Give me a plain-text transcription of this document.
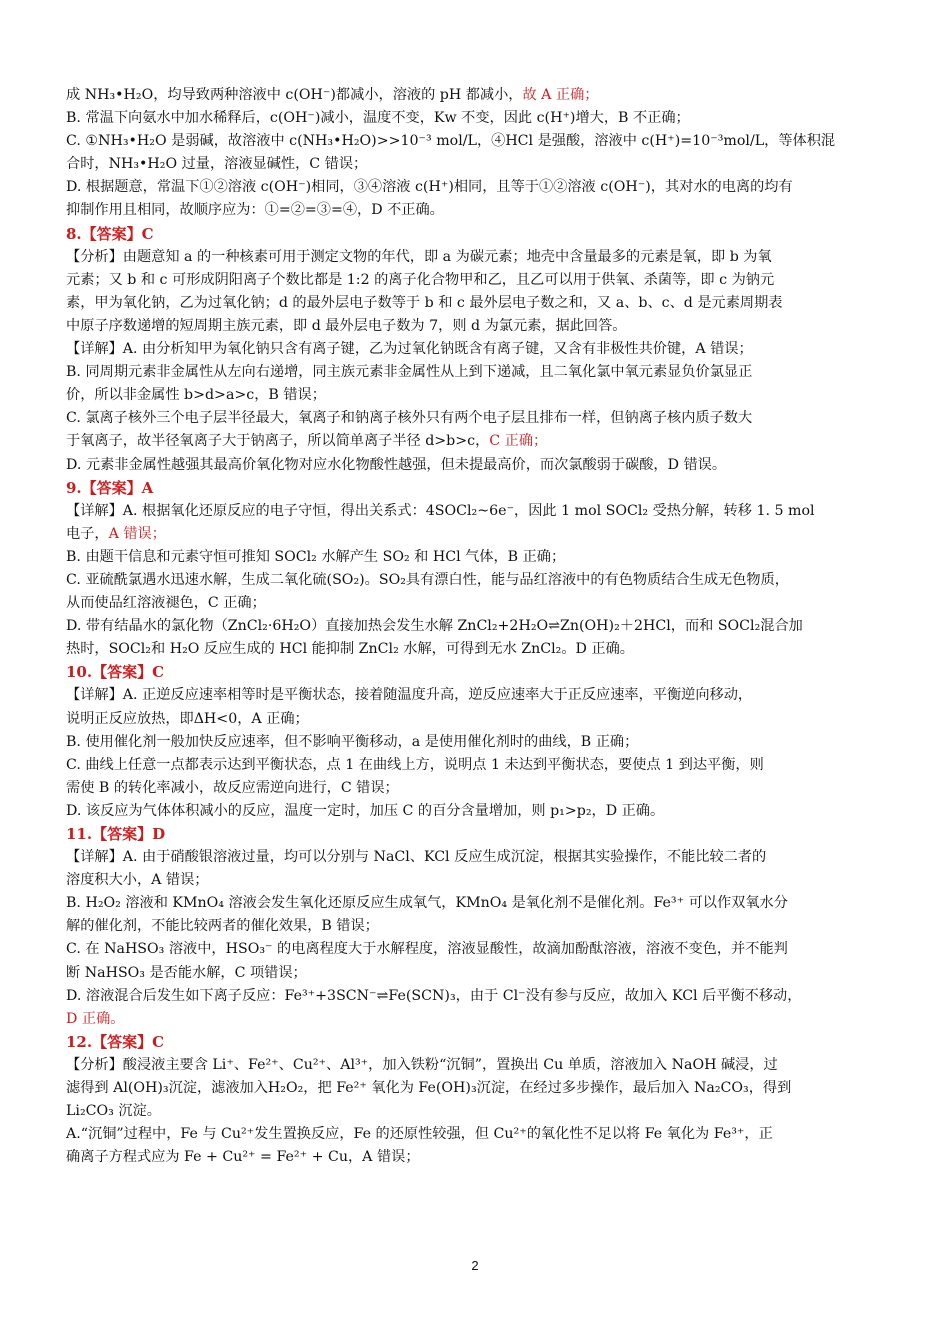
成 NH₃•H₂O，均导致两种溶液中 c(OH⁻)都减小，溶液的 pH 都减小，故 A 正确；
B. 常温下向氨水中加水稀释后，c(OH⁻)减小，温度不变，Kw 不变，因此 c(H⁺)增大，B 不正确；
C. ①NH₃•H₂O 是弱碱，故溶液中 c(NH₃•H₂O)>>10⁻³ mol/L，④HCl 是强酸，溶液中 c(H⁺)=10⁻³mol/L，等体积混
合时，NH₃•H₂O 过量，溶液显碱性，C 错误；
D. 根据题意，常温下①②溶液 c(OH⁻)相同，③④溶液 c(H⁺)相同，且等于①②溶液 c(OH⁻)，其对水的电离的均有
抑制作用且相同，故顺序应为：①=②=③=④，D 不正确。
8.【答案】C
【分析】由题意知 a 的一种核素可用于测定文物的年代，即 a 为碳元素；地壳中含量最多的元素是氧，即 b 为氧
元素；又 b 和 c 可形成阴阳离子个数比都是 1:2 的离子化合物甲和乙，且乙可以用于供氧、杀菌等，即 c 为钠元
素，甲为氧化钠，乙为过氧化钠；d 的最外层电子数等于 b 和 c 最外层电子数之和，又 a、b、c、d 是元素周期表
中原子序数递增的短周期主族元素，即 d 最外层电子数为 7，则 d 为氯元素，据此回答。
【详解】A. 由分析知甲为氧化钠只含有离子键，乙为过氧化钠既含有离子键，又含有非极性共价键，A 错误；
B. 同周期元素非金属性从左向右递增，同主族元素非金属性从上到下递减，且二氧化氯中氧元素显负价氯显正
价，所以非金属性 b>d>a>c，B 错误；
C. 氯离子核外三个电子层半径最大，氧离子和钠离子核外只有两个电子层且排布一样，但钠离子核内质子数大
于氧离子，故半径氧离子大于钠离子，所以简单离子半径 d>b>c，C 正确；
D. 元素非金属性越强其最高价氧化物对应水化物酸性越强，但未提最高价，而次氯酸弱于碳酸，D 错误。
9.【答案】A
【详解】A. 根据氧化还原反应的电子守恒，得出关系式：4SOCl₂~6e⁻，因此 1 mol SOCl₂ 受热分解，转移 1. 5 mol
电子，A 错误；
B. 由题干信息和元素守恒可推知 SOCl₂ 水解产生 SO₂ 和 HCl 气体，B 正确；
C. 亚硫酰氯遇水迅速水解，生成二氧化硫(SO₂)。SO₂具有漂白性，能与品红溶液中的有色物质结合生成无色物质，
从而使品红溶液褪色，C 正确；
D. 带有结晶水的氯化物（ZnCl₂·6H₂O）直接加热会发生水解 ZnCl₂+2H₂O⇌Zn(OH)₂＋2HCl，而和 SOCl₂混合加
热时，SOCl₂和 H₂O 反应生成的 HCl 能抑制 ZnCl₂ 水解，可得到无水 ZnCl₂。D 正确。
10.【答案】C
【详解】A. 正逆反应速率相等时是平衡状态，接着随温度升高，逆反应速率大于正反应速率，平衡逆向移动，
说明正反应放热，即ΔH<0，A 正确；
B. 使用催化剂一般加快反应速率，但不影响平衡移动，a 是使用催化剂时的曲线，B 正确；
C. 曲线上任意一点都表示达到平衡状态，点 1 在曲线上方，说明点 1 未达到平衡状态，要使点 1 到达平衡，则
需使 B 的转化率减小，故反应需逆向进行，C 错误；
D. 该反应为气体体积减小的反应，温度一定时，加压 C 的百分含量增加，则 p₁>p₂，D 正确。
11.【答案】D
【详解】A. 由于硝酸银溶液过量，均可以分别与 NaCl、KCl 反应生成沉淀，根据其实验操作，不能比较二者的
溶度积大小，A 错误；
B. H₂O₂ 溶液和 KMnO₄ 溶液会发生氧化还原反应生成氧气，KMnO₄ 是氧化剂不是催化剂。Fe³⁺ 可以作双氧水分
解的催化剂，不能比较两者的催化效果，B 错误；
C. 在 NaHSO₃ 溶液中，HSO₃⁻ 的电离程度大于水解程度，溶液显酸性，故滴加酚酞溶液，溶液不变色，并不能判
断 NaHSO₃ 是否能水解，C 项错误；
D. 溶液混合后发生如下离子反应：Fe³⁺+3SCN⁻⇌Fe(SCN)₃，由于 Cl⁻没有参与反应，故加入 KCl 后平衡不移动，
D 正确。
12.【答案】C
【分析】酸浸液主要含 Li⁺、Fe²⁺、Cu²⁺、Al³⁺，加入铁粉“沉铜”，置换出 Cu 单质，溶液加入 NaOH 碱浸，过
滤得到 Al(OH)₃沉淀，滤液加入H₂O₂，把 Fe²⁺ 氧化为 Fe(OH)₃沉淀，在经过多步操作，最后加入 Na₂CO₃，得到
Li₂CO₃ 沉淀。
A.“沉铜”过程中，Fe 与 Cu²⁺发生置换反应，Fe 的还原性较强，但 Cu²⁺的氧化性不足以将 Fe 氧化为 Fe³⁺，正
确离子方程式应为 Fe + Cu²⁺ = Fe²⁺ + Cu，A 错误；
2
